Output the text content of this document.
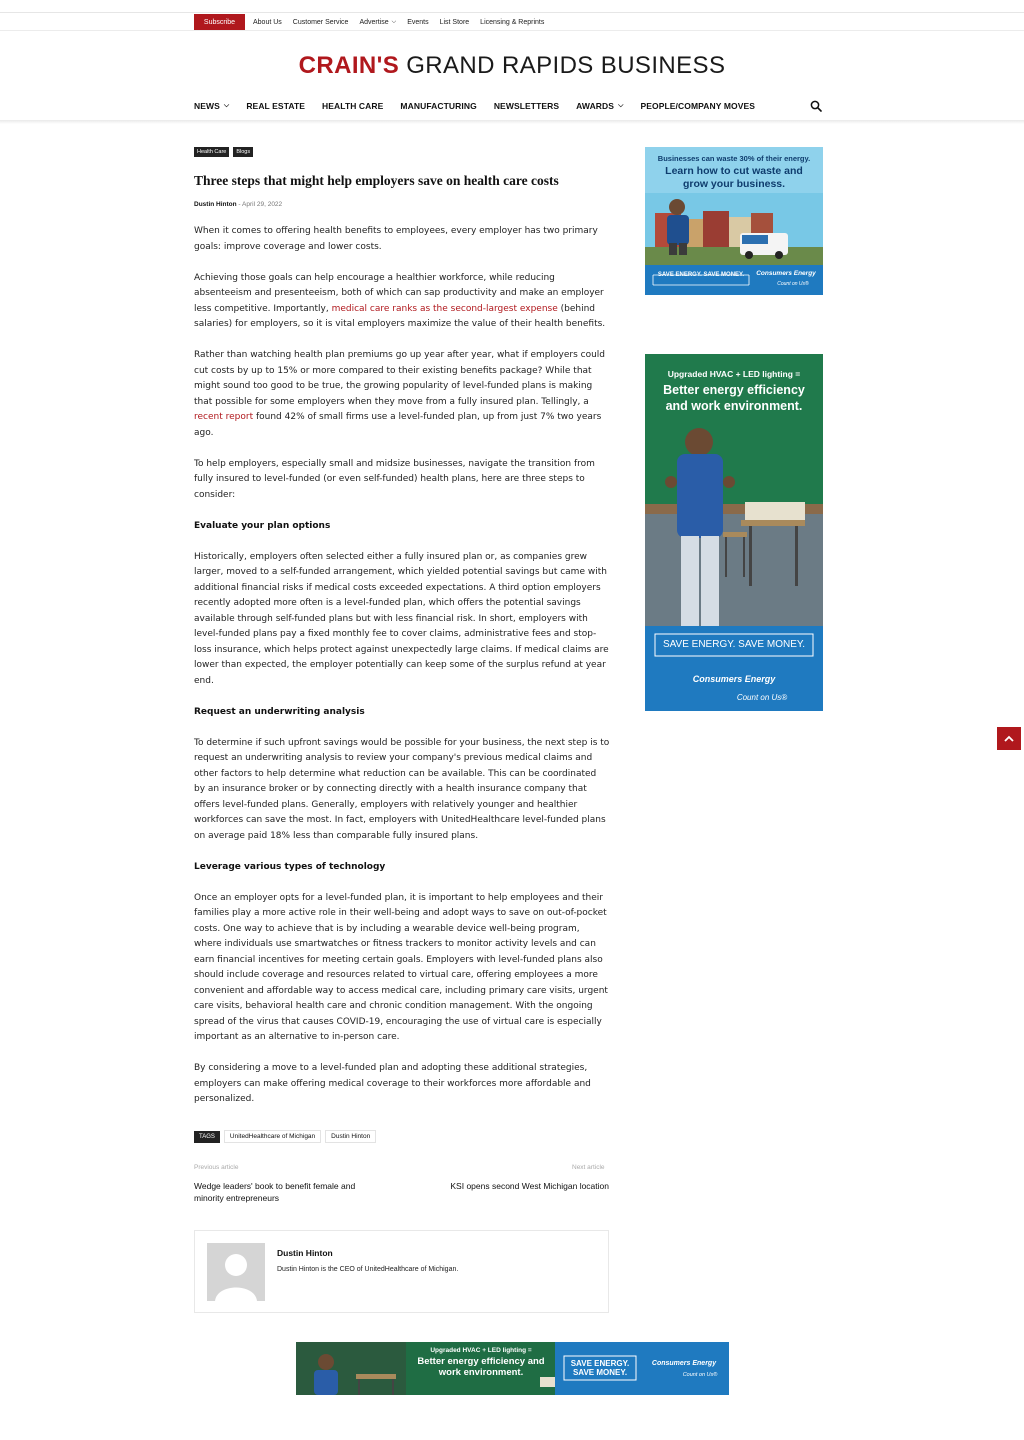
Subscribe	About Us Customer Service Advertise ⌵ Events List Store Licensing & Reprints
CRAIN'S GRAND RAPIDS BUSINESS
NEWS ⌵ REAL ESTATE HEALTH CARE MANUFACTURING NEWSLETTERS AWARDS ⌵ PEOPLE/COMPANY MOVES
Health Care	Blogs
Three steps that might help employers save on health care costs
Dustin Hinton - April 29, 2022

When it comes to offering health benefits to employees, every employer has two primary goals: improve coverage and lower costs.

Achieving those goals can help encourage a healthier workforce, while reducing absenteeism and presenteeism, both of which can sap productivity and make an employer less competitive. Importantly, medical care ranks as the second-largest expense (behind salaries) for employers, so it is vital employers maximize the value of their health benefits.

Rather than watching health plan premiums go up year after year, what if employers could cut costs by up to 15% or more compared to their existing benefits package? While that might sound too good to be true, the growing popularity of level-funded plans is making that possible for some employers when they move from a fully insured plan. Tellingly, a recent report found 42% of small firms use a level-funded plan, up from just 7% two years ago.

To help employers, especially small and midsize businesses, navigate the transition from fully insured to level-funded (or even self-funded) health plans, here are three steps to consider:

Evaluate your plan options

Historically, employers often selected either a fully insured plan or, as companies grew larger, moved to a self-funded arrangement, which yielded potential savings but came with additional financial risks if medical costs exceeded expectations. A third option employers recently adopted more often is a level-funded plan, which offers the potential savings available through self-funded plans but with less financial risk. In short, employers with level-funded plans pay a fixed monthly fee to cover claims, administrative fees and stop-loss insurance, which helps protect against unexpectedly large claims. If medical claims are lower than expected, the employer potentially can keep some of the surplus refund at year end.

Request an underwriting analysis

To determine if such upfront savings would be possible for your business, the next step is to request an underwriting analysis to review your company's previous medical claims and other factors to help determine what reduction can be available. This can be coordinated by an insurance broker or by connecting directly with a health insurance company that offers level-funded plans. Generally, employers with relatively younger and healthier workforces can save the most. In fact, employers with UnitedHealthcare level-funded plans on average paid 18% less than comparable fully insured plans.

Leverage various types of technology

Once an employer opts for a level-funded plan, it is important to help employees and their families play a more active role in their well-being and adopt ways to save on out-of-pocket costs. One way to achieve that is by including a wearable device well-being program, where individuals use smartwatches or fitness trackers to monitor activity levels and can earn financial incentives for meeting certain goals. Employers with level-funded plans also should include coverage and resources related to virtual care, offering employees a more convenient and affordable way to access medical care, including primary care visits, urgent care visits, behavioral health care and chronic condition management. With the ongoing spread of the virus that causes COVID-19, encouraging the use of virtual care is especially important as an alternative to in-person care.

By considering a move to a level-funded plan and adopting these additional strategies, employers can make offering medical coverage to their workforces more affordable and personalized.

TAGS	UnitedHealthcare of Michigan	Dustin Hinton
Previous article	Next article
Wedge leaders' book to benefit female and minority entrepreneurs
KSI opens second West Michigan location
Dustin Hinton
Dustin Hinton is the CEO of UnitedHealthcare of Michigan.
Businesses can waste 30% of their energy.
Learn how to cut waste and grow your business.
SAVE ENERGY. SAVE MONEY.	Consumers Energy
Count on Us®
Upgraded HVAC + LED lighting =
Better energy efficiency and work environment.
SAVE ENERGY. SAVE MONEY.
Consumers Energy
Count on Us®
Upgraded HVAC + LED lighting =
Better energy efficiency and work environment.
SAVE ENERGY. SAVE MONEY.
Consumers Energy
Count on Us®
